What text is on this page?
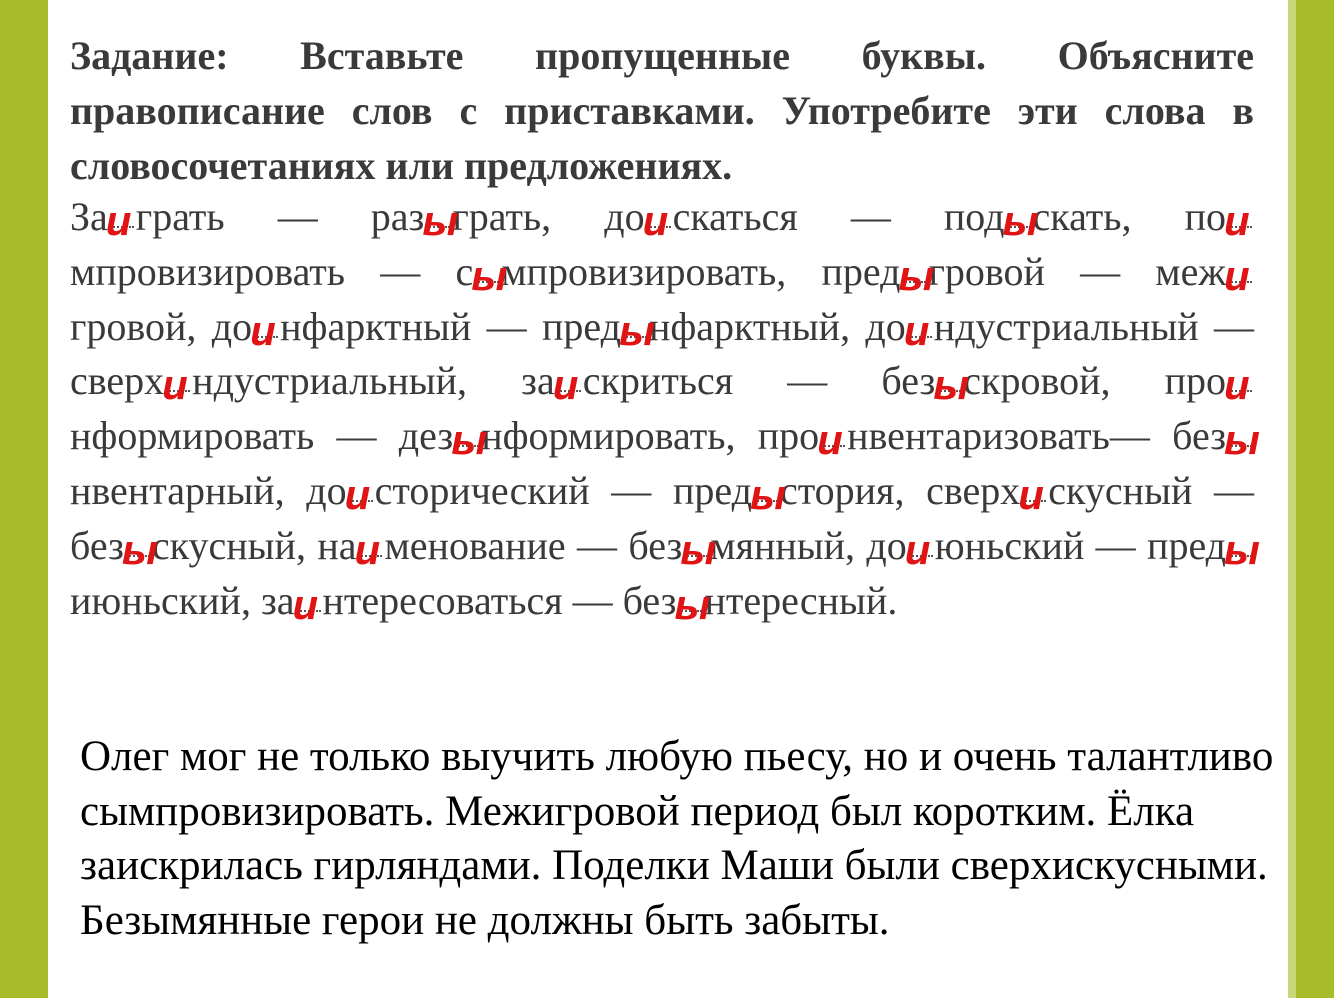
Задание: Вставьте пропущенные буквы. Объясните правописание слов с приставками. Употребите эти слова в словосочетаниях или предложениях.
За
и грать — раз
ы
грать, до
и скаться — под
ы
скать, по
и
мпровизировать — с
ы
мпровизировать, пред
ы
гровой — меж
и
гровой, до
и нфарктный — пред
ы
нфарктный, до
и ндустриальный — сверх
и ндустриальный, за
и скриться — без
ы
скровой, про
и
нформировать — дез
ы
нформировать, про
и нвентаризовать— без
ы
нвентарный, до
и сторический — пред
ы
стория, сверх
и скусный — без
ы
скусный, на
и менование — без
ы
мянный, до
и юньский — пред
ы
июньский, за
и нтересоваться — без
ы
нтересный.
Олег мог не только выучить любую пьесу, но и очень талантливо сымпровизировать. Межигровой период был коротким. Ёлка заискрилась гирляндами. Поделки Маши были сверхискусными. Безымянные герои не должны быть забыты.
